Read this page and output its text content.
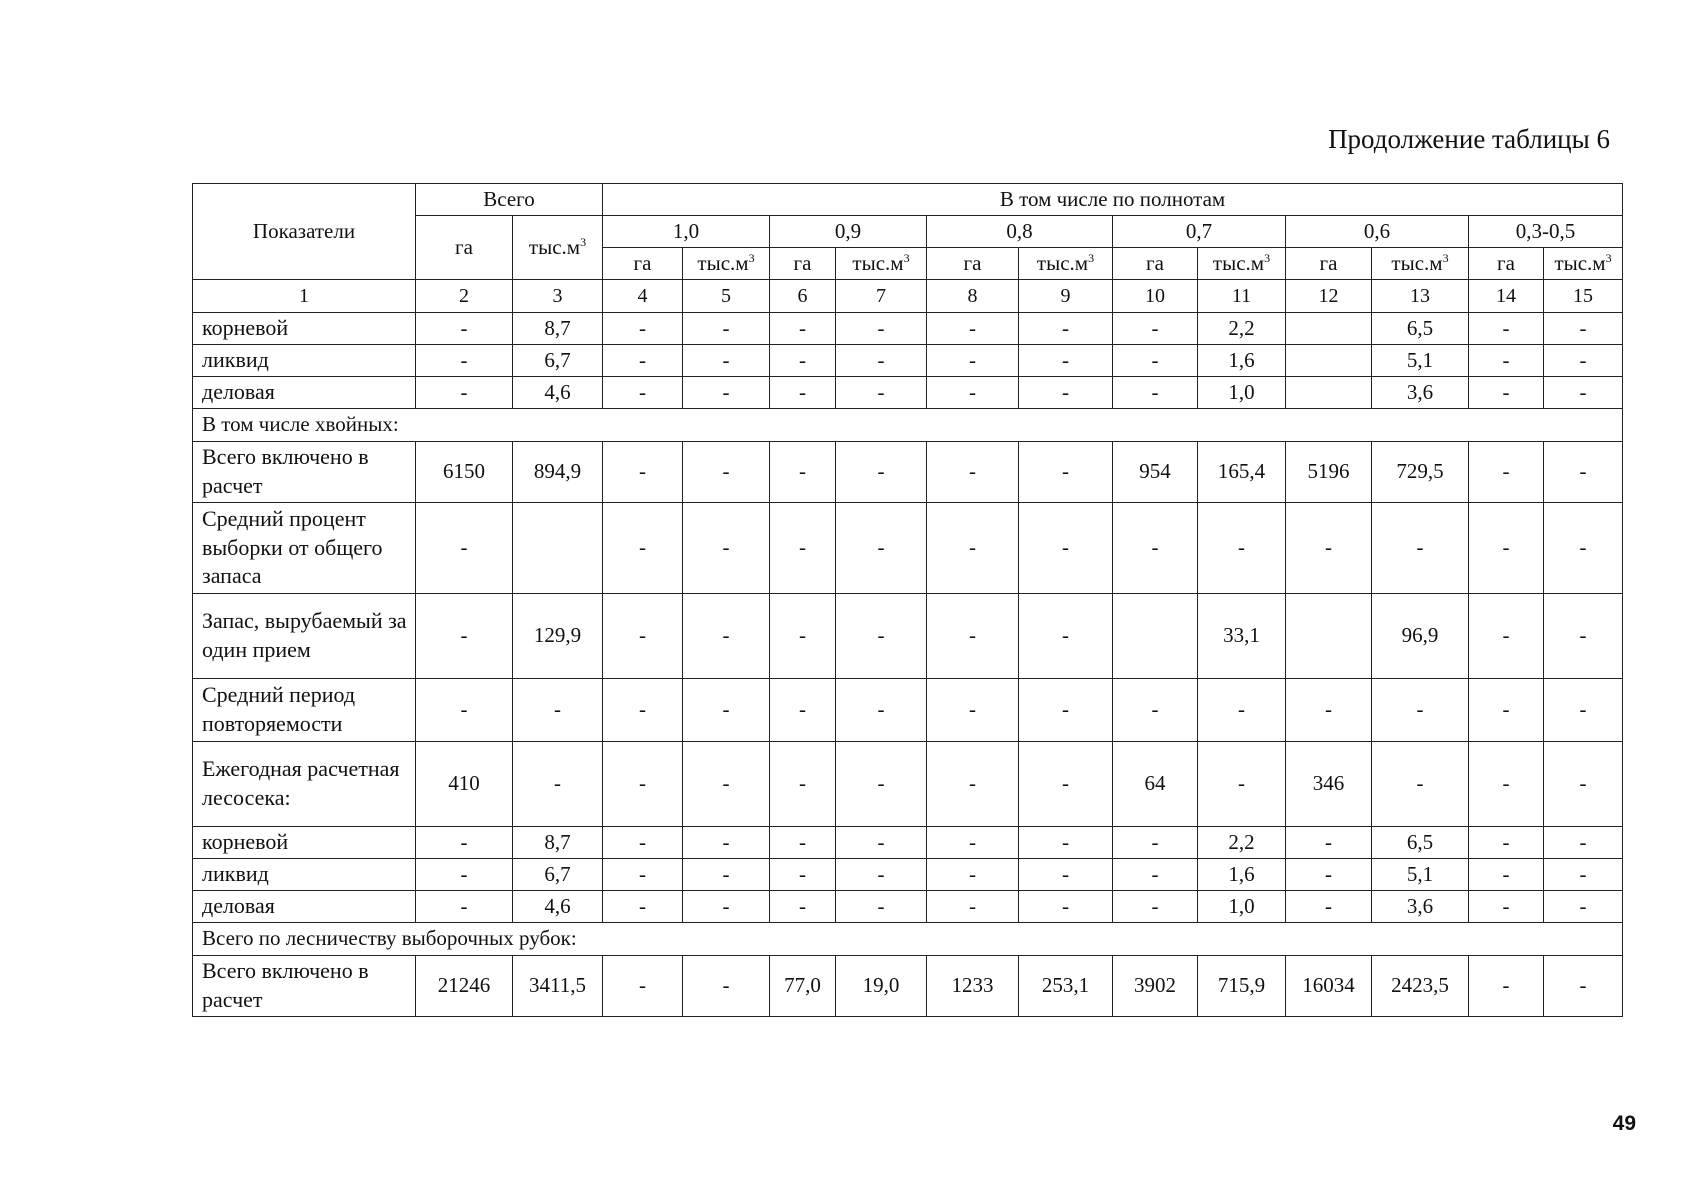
Продолжение таблицы 6
Показатели	Всего		В том числе по полнотам											
	га	$тыс.м^3$	1,0		0,9		0,8		0,7		0,6		0,3-0,5	
			га	$тыс.м^3$	га	$тыс.м^3$	га	$тыс.м^3$	га	$тыс.м^3$	га	$тыс.м^3$	га	$тыс.м^3$
1	2	3	4	5	6	7	8	9	10	11	12	13	14	15
корневой	-	8,7	-	-	-	-	-	-	-	2,2		6,5	-	-
ликвид	-	6,7	-	-	-	-	-	-	-	1,6		5,1	-	-
деловая	-	4,6	-	-	-	-	-	-	-	1,0		3,6	-	-
В том числе хвойных:														
Всего включено в расчет	6150	894,9	-	-	-	-	-	-	954	165,4	5196	729,5	-	-
Средний процент выборки от общего запаса	-		-	-	-	-	-	-	-	-	-	-	-	-
Запас, вырубаемый за один прием	-	129,9	-	-	-	-	-	-		33,1		96,9	-	-
Средний период повторяемости	-	-	-	-	-	-	-	-	-	-	-	-	-	-
Ежегодная расчетная лесосека:	410	-	-	-	-	-	-	-	64	-	346	-	-	-
корневой	-	8,7	-	-	-	-	-	-	-	2,2	-	6,5	-	-
ликвид	-	6,7	-	-	-	-	-	-	-	1,6	-	5,1	-	-
деловая	-	4,6	-	-	-	-	-	-	-	1,0	-	3,6	-	-
Всего по лесничеству выборочных рубок:														
Всего включено в расчет	21246	3411,5	-	-	77,0	19,0	1233	253,1	3902	715,9	16034	2423,5	-	-
49
